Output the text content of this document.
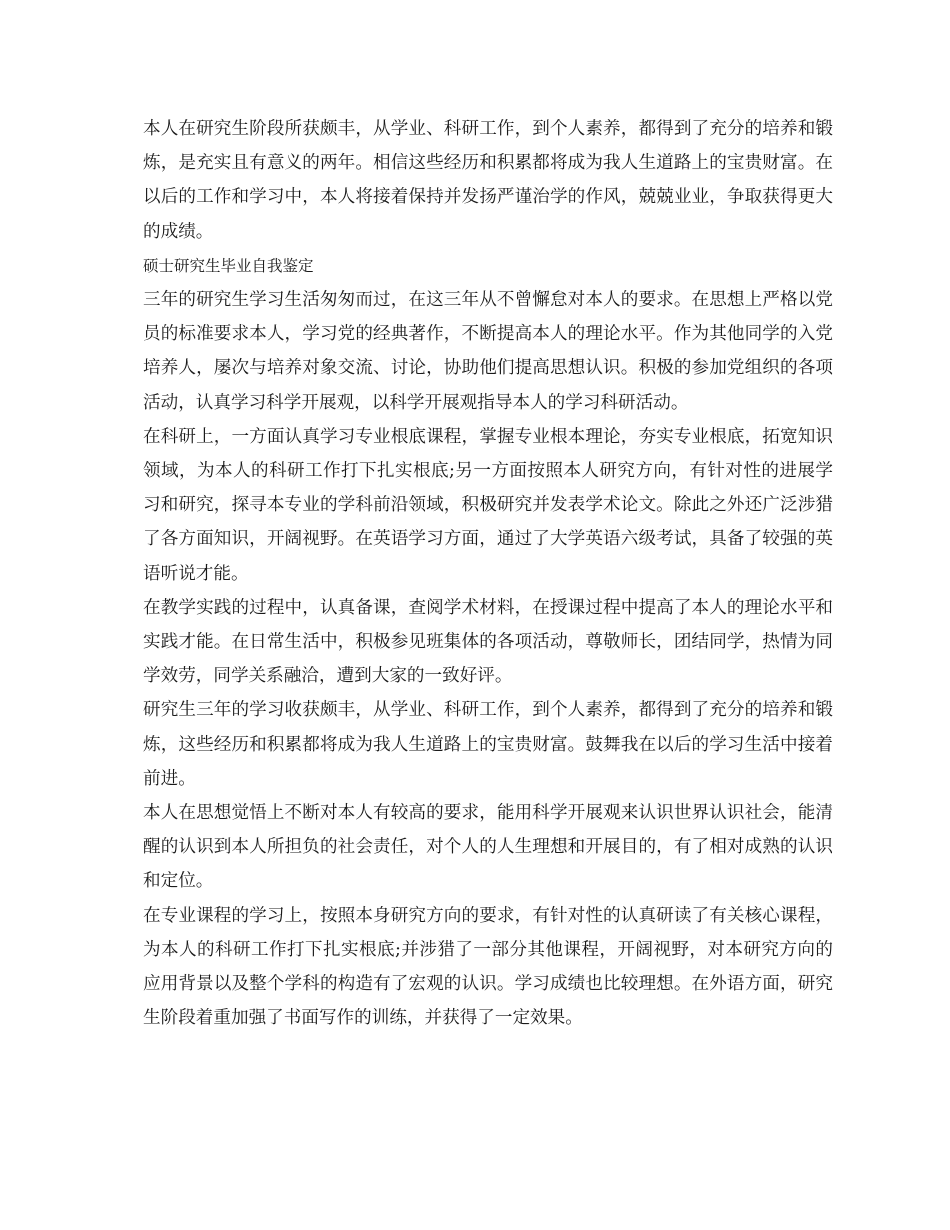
本人在研究生阶段所获颇丰，从学业、科研工作，到个人素养，都得到了充分的培养和锻炼，是充实且有意义的两年。相信这些经历和积累都将成为我人生道路上的宝贵财富。在以后的工作和学习中，本人将接着保持并发扬严谨治学的作风，兢兢业业，争取获得更大的成绩。

硕士研究生毕业自我鉴定

三年的研究生学习生活匆匆而过，在这三年从不曾懈怠对本人的要求。在思想上严格以党员的标准要求本人，学习党的经典著作，不断提高本人的理论水平。作为其他同学的入党培养人，屡次与培养对象交流、讨论，协助他们提高思想认识。积极的参加党组织的各项活动，认真学习科学开展观，以科学开展观指导本人的学习科研活动。

在科研上，一方面认真学习专业根底课程，掌握专业根本理论，夯实专业根底，拓宽知识领域，为本人的科研工作打下扎实根底;另一方面按照本人研究方向，有针对性的进展学习和研究，探寻本专业的学科前沿领域，积极研究并发表学术论文。除此之外还广泛涉猎了各方面知识，开阔视野。在英语学习方面，通过了大学英语六级考试，具备了较强的英语听说才能。

在教学实践的过程中，认真备课，查阅学术材料，在授课过程中提高了本人的理论水平和实践才能。在日常生活中，积极参见班集体的各项活动，尊敬师长，团结同学，热情为同学效劳，同学关系融洽，遭到大家的一致好评。

研究生三年的学习收获颇丰，从学业、科研工作，到个人素养，都得到了充分的培养和锻炼，这些经历和积累都将成为我人生道路上的宝贵财富。鼓舞我在以后的学习生活中接着前进。

本人在思想觉悟上不断对本人有较高的要求，能用科学开展观来认识世界认识社会，能清醒的认识到本人所担负的社会责任，对个人的人生理想和开展目的，有了相对成熟的认识和定位。

在专业课程的学习上，按照本身研究方向的要求，有针对性的认真研读了有关核心课程，为本人的科研工作打下扎实根底;并涉猎了一部分其他课程，开阔视野，对本研究方向的应用背景以及整个学科的构造有了宏观的认识。学习成绩也比较理想。在外语方面，研究生阶段着重加强了书面写作的训练，并获得了一定效果。
